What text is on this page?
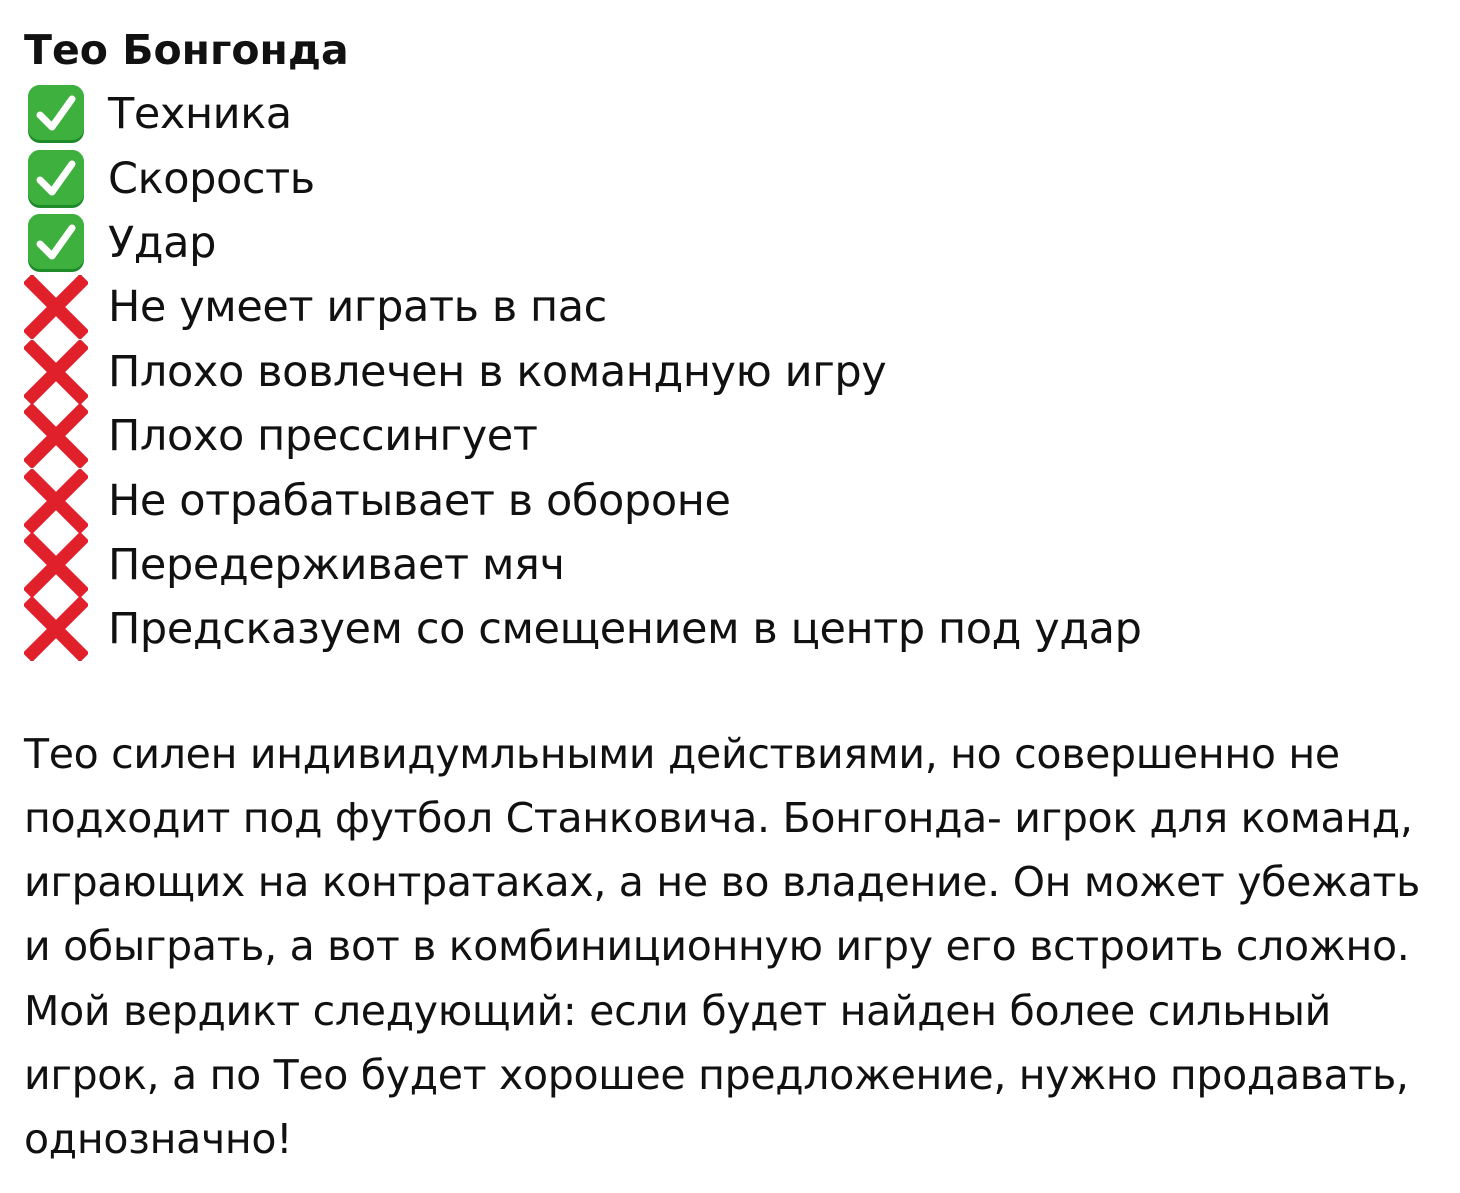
Тео Бонгонда
Техника
Скорость
Удар
Не умеет играть в пас
Плохо вовлечен в командную игру
Плохо прессингует
Не отрабатывает в обороне
Передерживает мяч
Предсказуем со смещением в центр под удар

Тео силен индивидумльными действиями, но совершенно не подходит под футбол Станковича. Бонгонда- игрок для команд, играющих на контратаках, а не во владение. Он может убежать и обыграть, а вот в комбиниционную игру его встроить сложно. Мой вердикт следующий: если будет найден более сильный игрок, а по Тео будет хорошее предложение, нужно продавать, однозначно!
